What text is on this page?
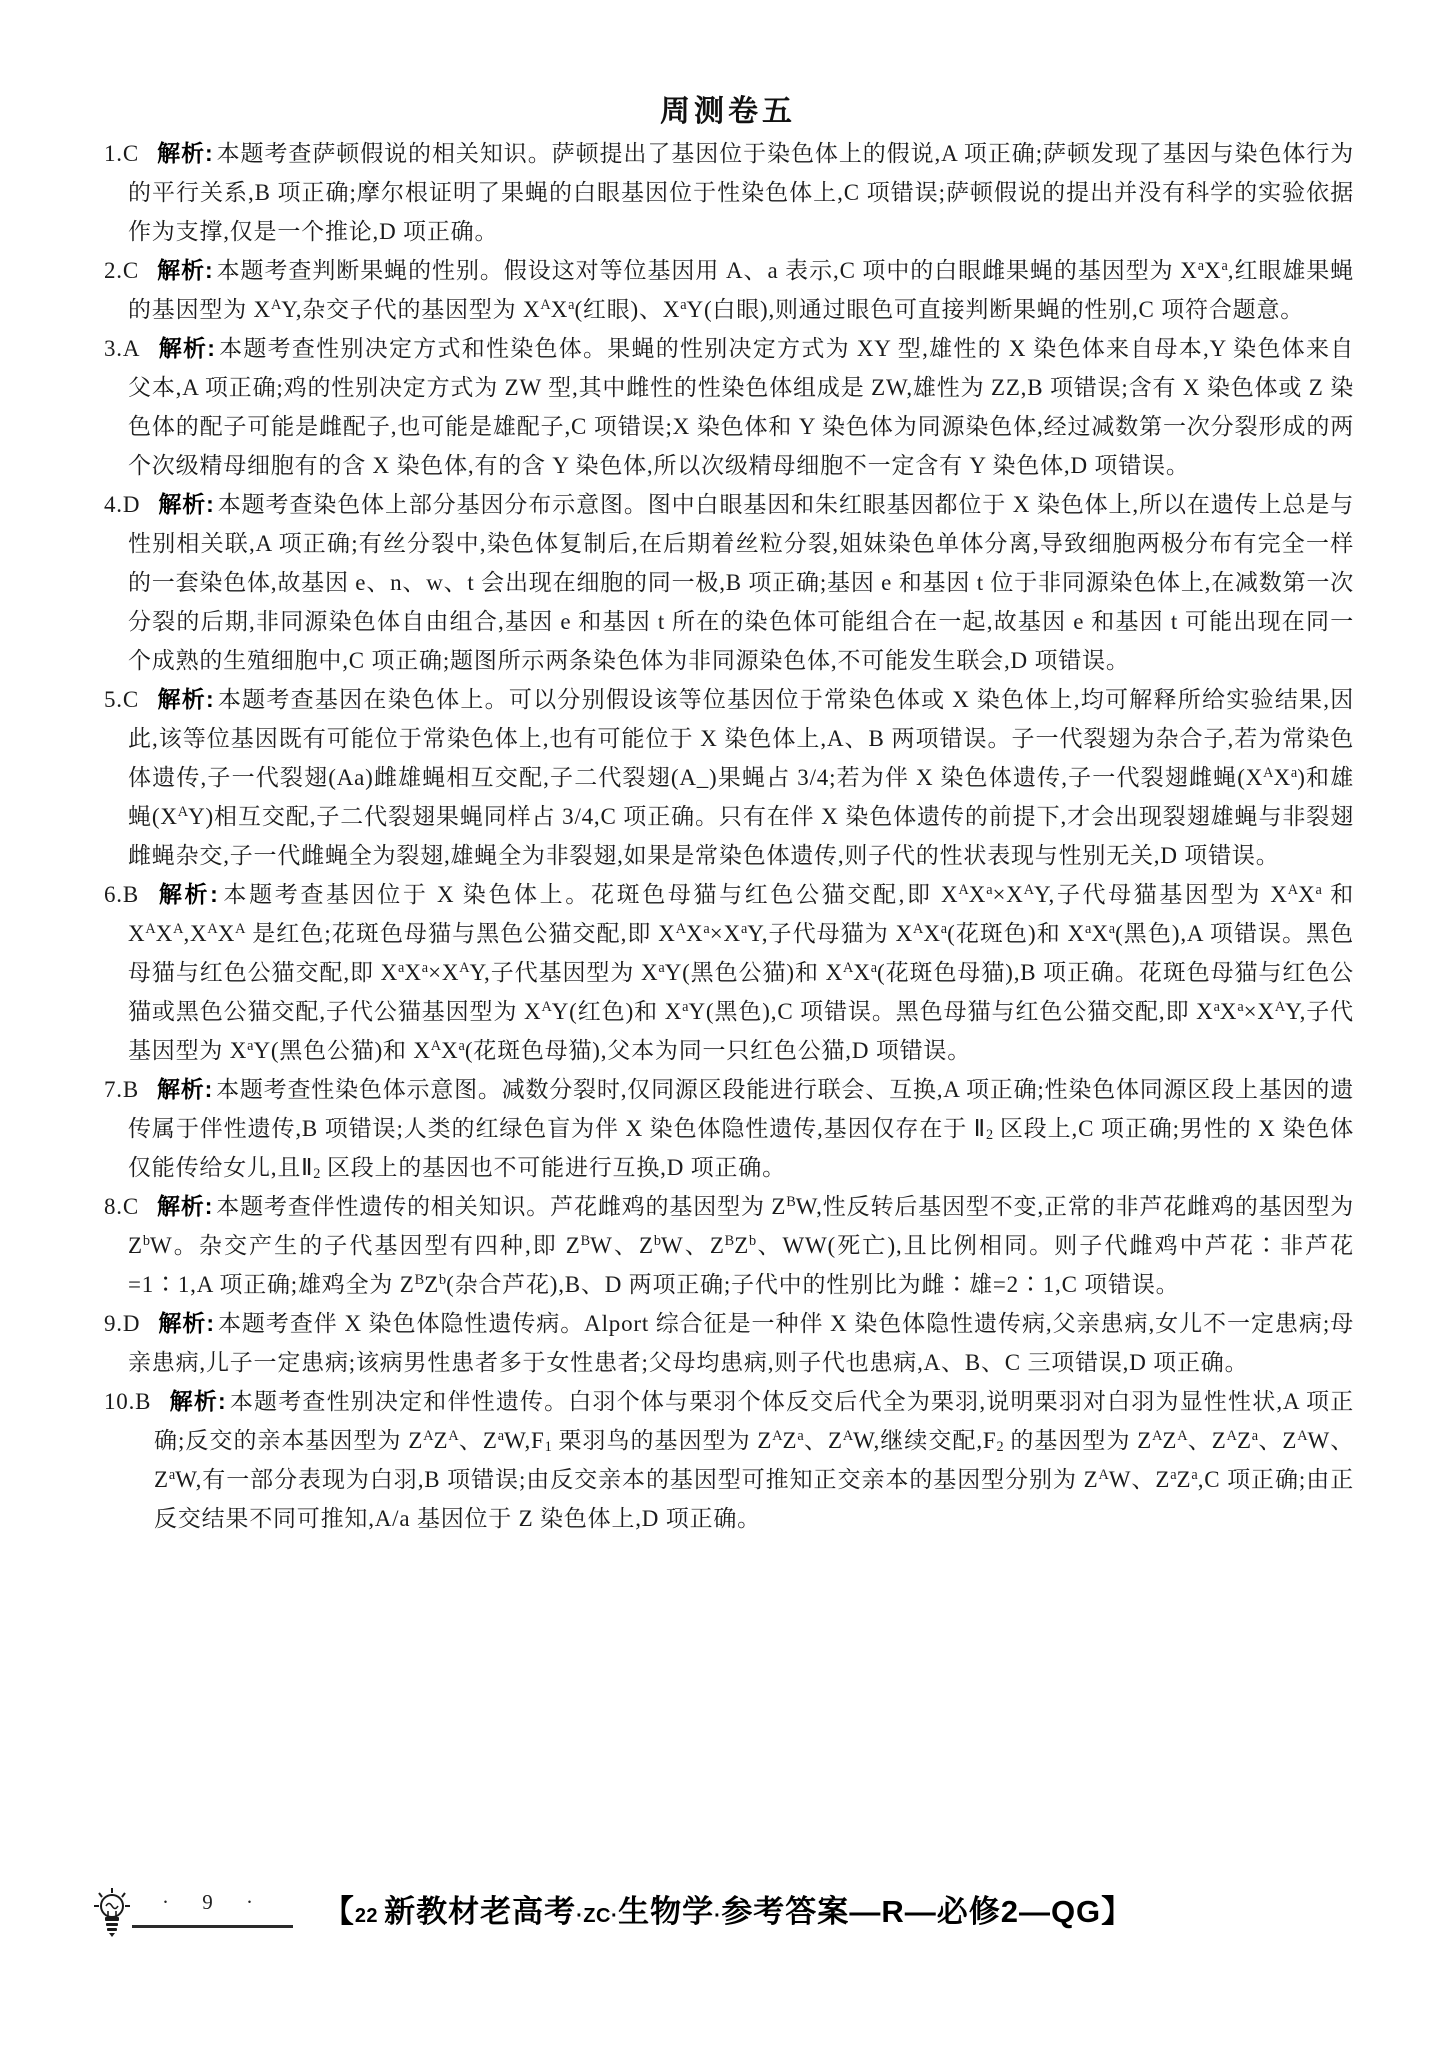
周测卷五

1.C 解析: 本题考查萨顿假说的相关知识。萨顿提出了基因位于染色体上的假说,A 项正确;萨顿发现了基因与染色体行为的平行关系,B 项正确;摩尔根证明了果蝇的白眼基因位于性染色体上,C 项错误;萨顿假说的提出并没有科学的实验依据作为支撑,仅是一个推论,D 项正确。

2.C 解析: 本题考查判断果蝇的性别。假设这对等位基因用 A、a 表示,C 项中的白眼雌果蝇的基因型为 $X^aX^a$,红眼雄果蝇的基因型为 $X^AY$,杂交子代的基因型为 $X^AX^a$(红眼)、$X^aY$(白眼),则通过眼色可直接判断果蝇的性别,C 项符合题意。

3.A 解析: 本题考查性别决定方式和性染色体。果蝇的性别决定方式为 XY 型,雄性的 X 染色体来自母本,Y 染色体来自父本,A 项正确;鸡的性别决定方式为 ZW 型,其中雌性的性染色体组成是 ZW,雄性为 ZZ,B 项错误;含有 X 染色体或 Z 染色体的配子可能是雌配子,也可能是雄配子,C 项错误;X 染色体和 Y 染色体为同源染色体,经过减数第一次分裂形成的两个次级精母细胞有的含 X 染色体,有的含 Y 染色体,所以次级精母细胞不一定含有 Y 染色体,D 项错误。

4.D 解析: 本题考查染色体上部分基因分布示意图。图中白眼基因和朱红眼基因都位于 X 染色体上,所以在遗传上总是与性别相关联,A 项正确;有丝分裂中,染色体复制后,在后期着丝粒分裂,姐妹染色单体分离,导致细胞两极分布有完全一样的一套染色体,故基因 e、n、w、t 会出现在细胞的同一极,B 项正确;基因 e 和基因 t 位于非同源染色体上,在减数第一次分裂的后期,非同源染色体自由组合,基因 e 和基因 t 所在的染色体可能组合在一起,故基因 e 和基因 t 可能出现在同一个成熟的生殖细胞中,C 项正确;题图所示两条染色体为非同源染色体,不可能发生联会,D 项错误。

5.C 解析: 本题考查基因在染色体上。可以分别假设该等位基因位于常染色体或 X 染色体上,均可解释所给实验结果,因此,该等位基因既有可能位于常染色体上,也有可能位于 X 染色体上,A、B 两项错误。子一代裂翅为杂合子,若为常染色体遗传,子一代裂翅(Aa)雌雄蝇相互交配,子二代裂翅(A_)果蝇占 3/4;若为伴 X 染色体遗传,子一代裂翅雌蝇$(X^AX^a)$和雄蝇$(X^AY)$相互交配,子二代裂翅果蝇同样占 3/4,C 项正确。只有在伴 X 染色体遗传的前提下,才会出现裂翅雄蝇与非裂翅雌蝇杂交,子一代雌蝇全为裂翅,雄蝇全为非裂翅,如果是常染色体遗传,则子代的性状表现与性别无关,D 项错误。

6.B 解析: 本题考查基因位于 X 染色体上。花斑色母猫与红色公猫交配,即 $X^AX^a\times X^AY$,子代母猫基因型为 $X^AX^a$ 和 $X^AX^A,X^AX^A$ 是红色;花斑色母猫与黑色公猫交配,即 $X^AX^a\times X^aY$,子代母猫为 $X^AX^a$(花斑色)和 $X^aX^a$(黑色),A 项错误。黑色母猫与红色公猫交配,即 $X^aX^a\times X^AY$,子代基因型为 $X^aY$(黑色公猫)和 $X^AX^a$(花斑色母猫),B 项正确。花斑色母猫与红色公猫或黑色公猫交配,子代公猫基因型为 $X^AY$(红色)和 $X^aY$(黑色),C 项错误。黑色母猫与红色公猫交配,即 $X^aX^a\times X^AY$,子代基因型为 $X^aY$(黑色公猫)和 $X^AX^a$(花斑色母猫),父本为同一只红色公猫,D 项错误。

7.B 解析: 本题考查性染色体示意图。减数分裂时,仅同源区段能进行联会、互换,A 项正确;性染色体同源区段上基因的遗传属于伴性遗传,B 项错误;人类的红绿色盲为伴 X 染色体隐性遗传,基因仅存在于 $Ⅱ_2$ 区段上,C 项正确;男性的 X 染色体仅能传给女儿,且$Ⅱ_2$ 区段上的基因也不可能进行互换,D 项正确。

8.C 解析: 本题考查伴性遗传的相关知识。芦花雌鸡的基因型为 $Z^BW$,性反转后基因型不变,正常的非芦花雌鸡的基因型为 $Z^bW$。杂交产生的子代基因型有四种,即 $Z^BW$、$Z^bW$、$Z^BZ^b$、WW(死亡),且比例相同。则子代雌鸡中芦花∶非芦花=1∶1,A 项正确;雄鸡全为 $Z^BZ^b$(杂合芦花),B、D 两项正确;子代中的性别比为雌∶雄=2∶1,C 项错误。

9.D 解析: 本题考查伴 X 染色体隐性遗传病。Alport 综合征是一种伴 X 染色体隐性遗传病,父亲患病,女儿不一定患病;母亲患病,儿子一定患病;该病男性患者多于女性患者;父母均患病,则子代也患病,A、B、C 三项错误,D 项正确。

10.B 解析: 本题考查性别决定和伴性遗传。白羽个体与栗羽个体反交后代全为栗羽,说明栗羽对白羽为显性性状,A 项正确;反交的亲本基因型为 $Z^AZ^A$、$Z^aW,F_1$ 栗羽鸟的基因型为 $Z^AZ^a$、$Z^AW$,继续交配$,F_2$ 的基因型为 $Z^AZ^A$、$Z^AZ^a$、$Z^AW$、$Z^aW$,有一部分表现为白羽,B 项错误;由反交亲本的基因型可推知正交亲本的基因型分别为 $Z^AW$、$Z^aZ^a,C$ 项正确;由正反交结果不同可推知,A/a 基因位于 Z 染色体上,D 项正确。

· 9 ·	【22 新教材老高考·ZC·生物学·参考答案—R—必修2—QG】
